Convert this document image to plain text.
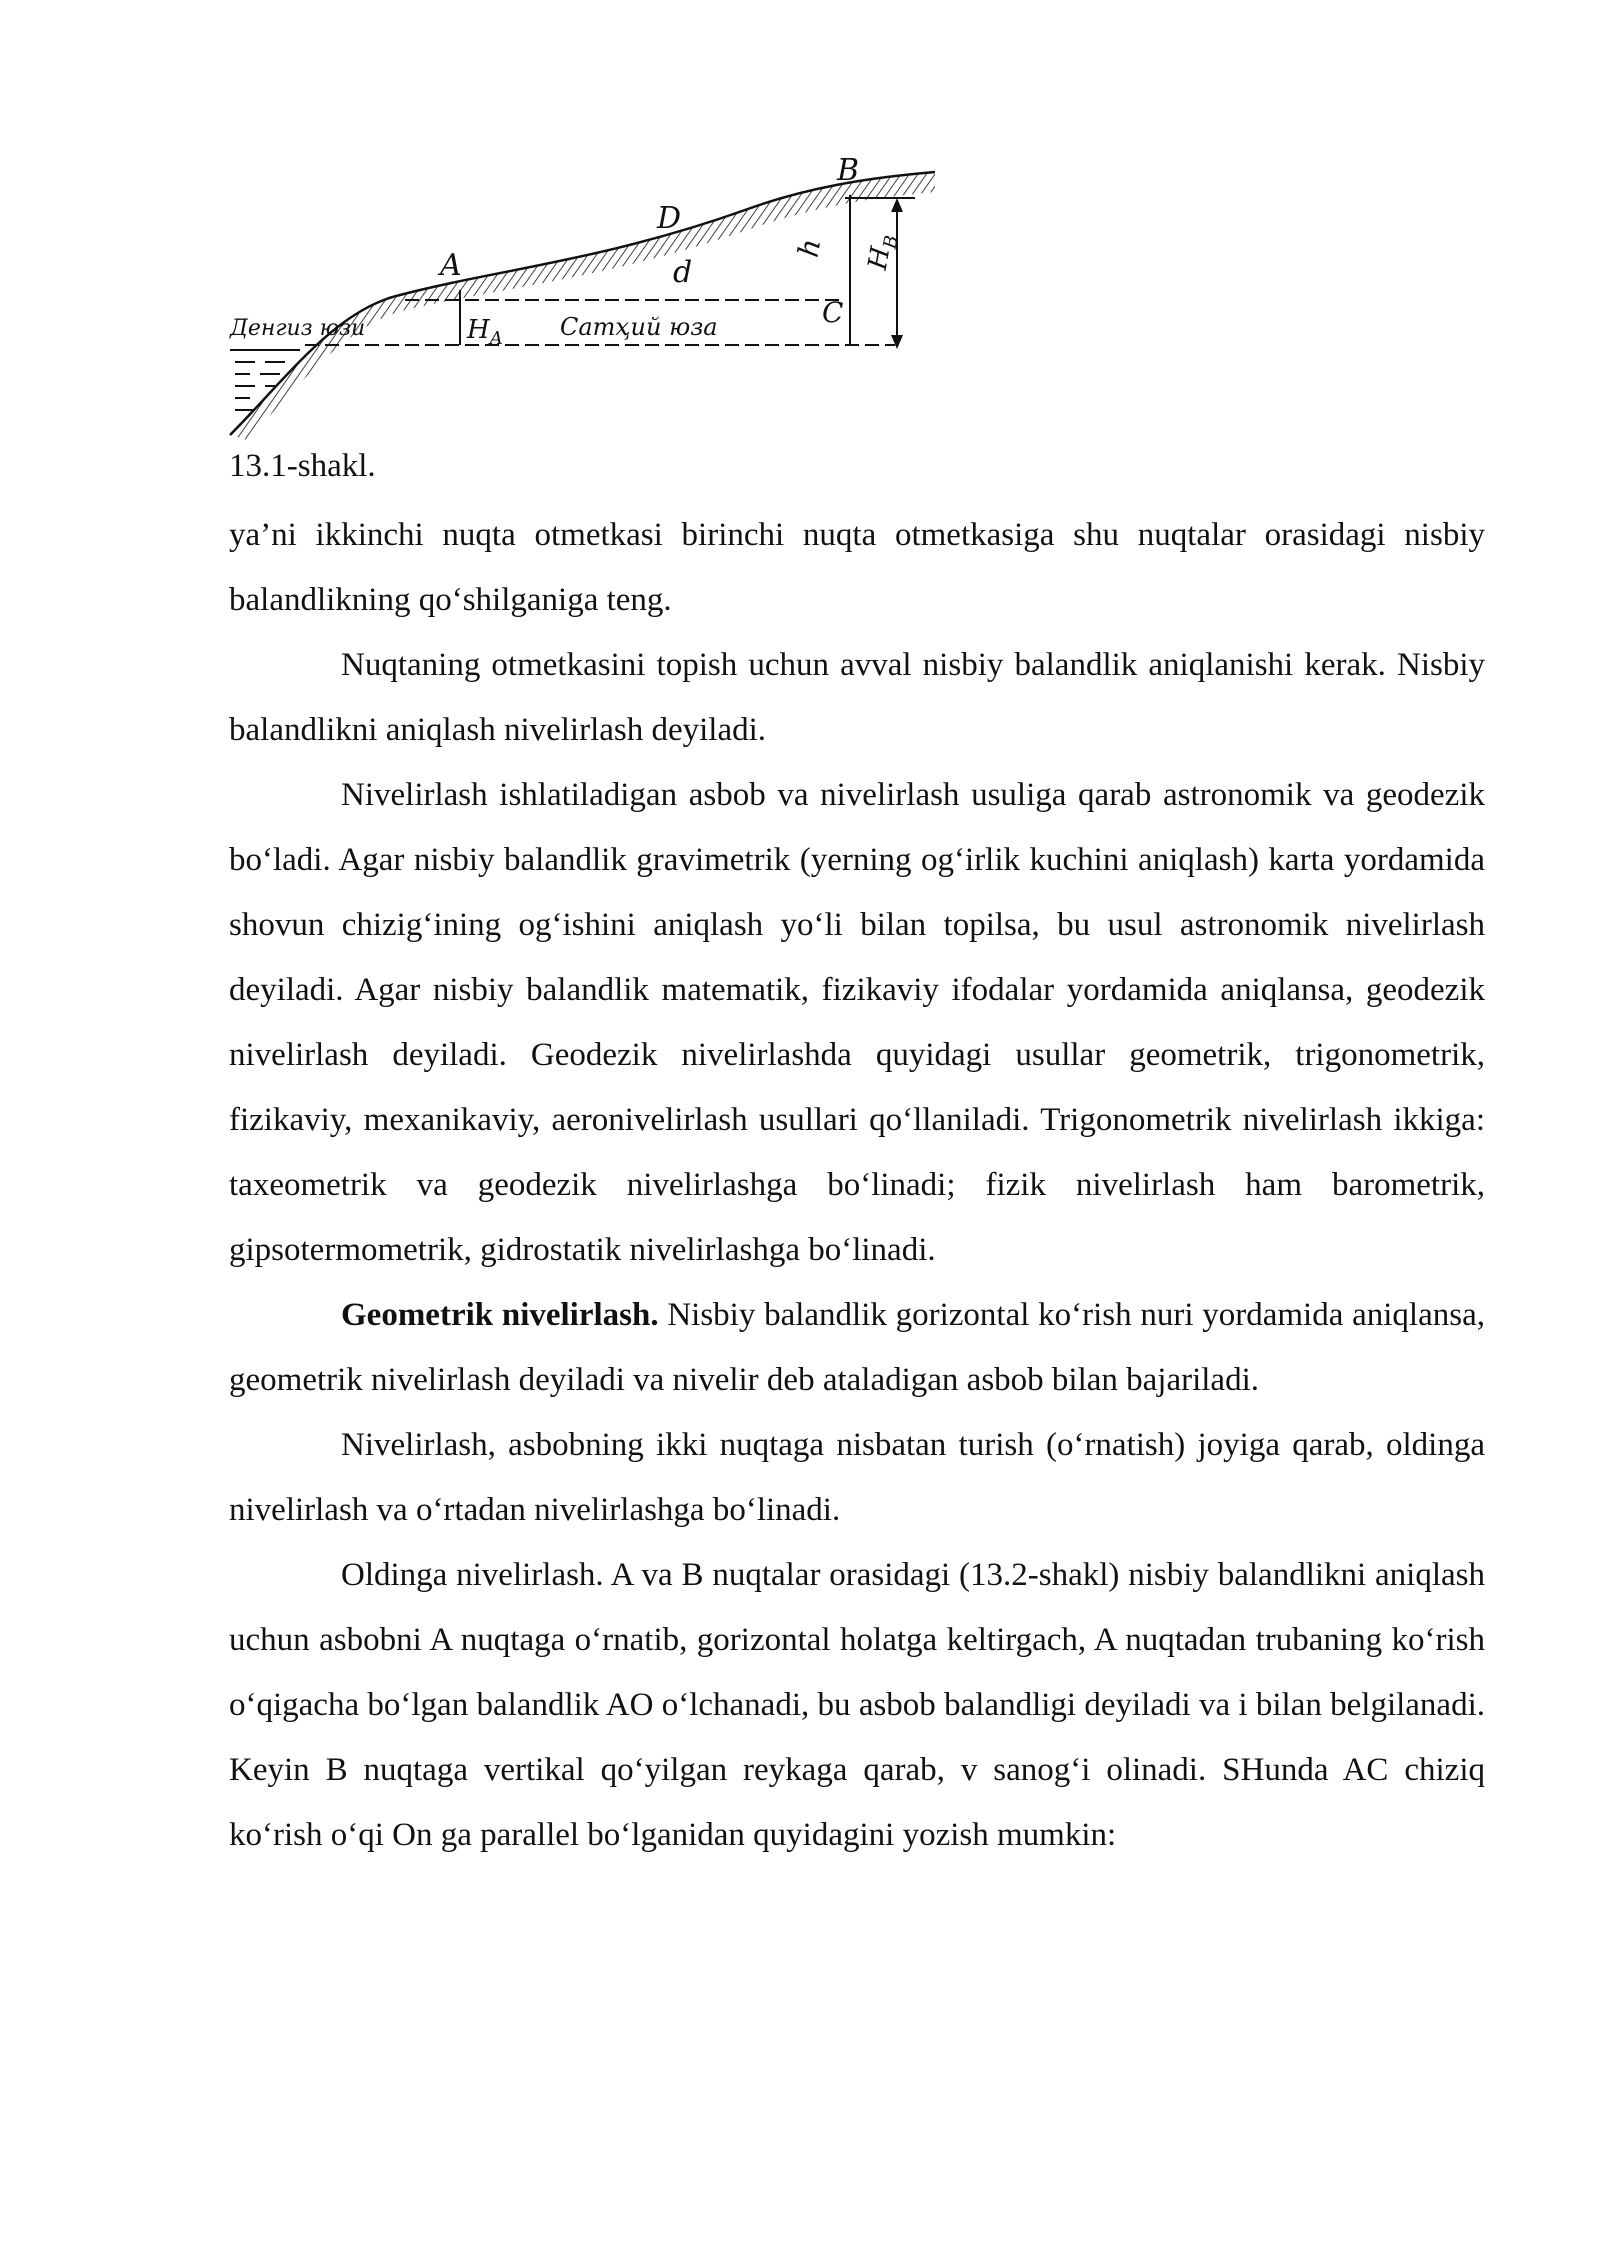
B
D
A	d
h $H_B$
C
$H_A$
Денгиз юзи	Сатҳий юза
13.1-shakl.

ya’ni ikkinchi nuqta otmetkasi birinchi nuqta otmetkasiga shu nuqtalar orasidagi nisbiy balandlikning qo‘shilganiga teng.

Nuqtaning otmetkasini topish uchun avval nisbiy balandlik aniqlanishi kerak. Nisbiy balandlikni aniqlash nivelirlash deyiladi.

Nivelirlash ishlatiladigan asbob va nivelirlash usuliga qarab astronomik va geodezik bo‘ladi. Agar nisbiy balandlik gravimetrik (yerning og‘irlik kuchini aniqlash) karta yordamida shovun chizig‘ining og‘ishini aniqlash yo‘li bilan topilsa, bu usul astronomik nivelirlash deyiladi. Agar nisbiy balandlik matematik, fizikaviy ifodalar yordamida aniqlansa, geodezik nivelirlash deyiladi. Geodezik nivelirlashda quyidagi usullar geometrik, trigonometrik, fizikaviy, mexanikaviy, aeronivelirlash usullari qo‘llaniladi. Trigonometrik nivelirlash ikkiga: taxeometrik va geodezik nivelirlashga bo‘linadi; fizik nivelirlash ham barometrik, gipsotermometrik, gidrostatik nivelirlashga bo‘linadi.

Geometrik nivelirlash. Nisbiy balandlik gorizontal ko‘rish nuri yordamida aniqlansa, geometrik nivelirlash deyiladi va nivelir deb ataladigan asbob bilan bajariladi.

Nivelirlash, asbobning ikki nuqtaga nisbatan turish (o‘rnatish) joyiga qarab, oldinga nivelirlash va o‘rtadan nivelirlashga bo‘linadi.

Oldinga nivelirlash. A va B nuqtalar orasidagi (13.2-shakl) nisbiy balandlikni aniqlash uchun asbobni A nuqtaga o‘rnatib, gorizontal holatga keltirgach, A nuqtadan trubaning ko‘rish o‘qigacha bo‘lgan balandlik AO o‘lchanadi, bu asbob balandligi deyiladi va i bilan belgilanadi. Keyin B nuqtaga vertikal qo‘yilgan reykaga qarab, v sanog‘i olinadi. SHunda AC chiziq ko‘rish o‘qi On ga parallel bo‘lganidan quyidagini yozish mumkin:
